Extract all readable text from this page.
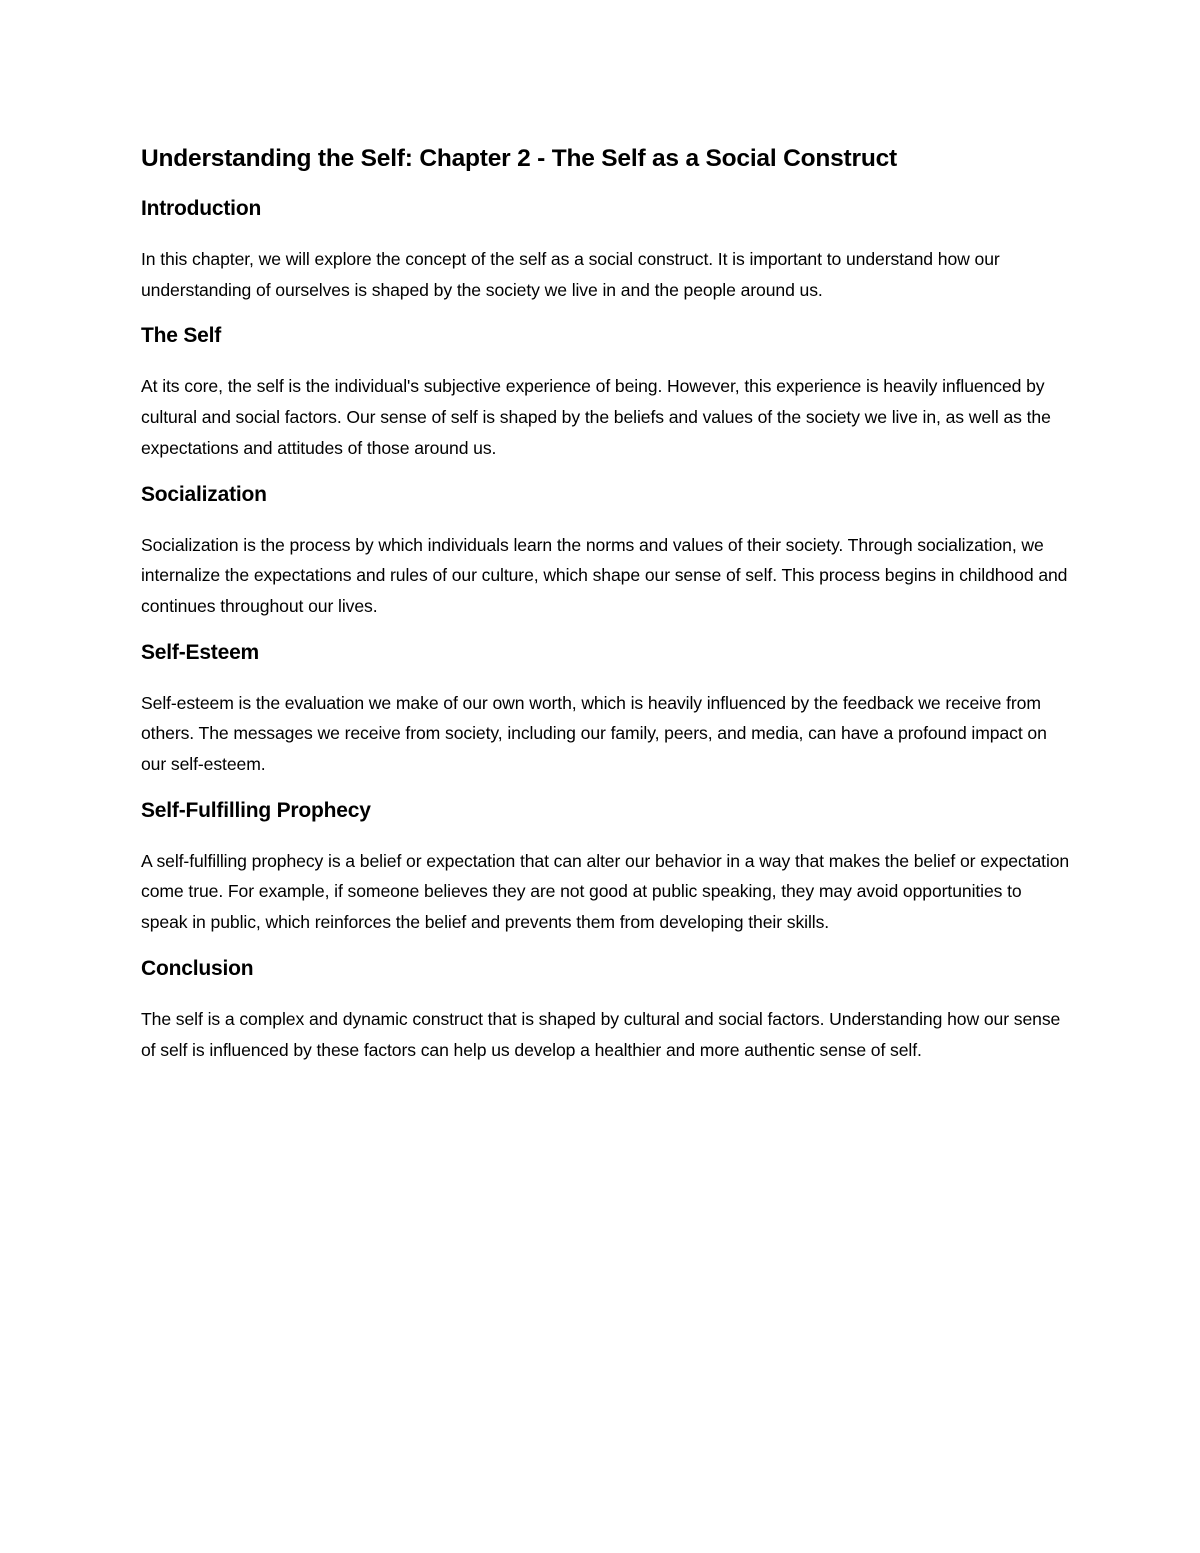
Understanding the Self: Chapter 2 - The Self as a Social Construct
Introduction

In this chapter, we will explore the concept of the self as a social construct. It is important to understand how our understanding of ourselves is shaped by the society we live in and the people around us.

The Self

At its core, the self is the individual's subjective experience of being. However, this experience is heavily influenced by cultural and social factors. Our sense of self is shaped by the beliefs and values of the society we live in, as well as the expectations and attitudes of those around us.

Socialization

Socialization is the process by which individuals learn the norms and values of their society. Through socialization, we internalize the expectations and rules of our culture, which shape our sense of self. This process begins in childhood and continues throughout our lives.

Self-Esteem

Self-esteem is the evaluation we make of our own worth, which is heavily influenced by the feedback we receive from others. The messages we receive from society, including our family, peers, and media, can have a profound impact on our self-esteem.

Self-Fulfilling Prophecy

A self-fulfilling prophecy is a belief or expectation that can alter our behavior in a way that makes the belief or expectation come true. For example, if someone believes they are not good at public speaking, they may avoid opportunities to speak in public, which reinforces the belief and prevents them from developing their skills.

Conclusion

The self is a complex and dynamic construct that is shaped by cultural and social factors. Understanding how our sense of self is influenced by these factors can help us develop a healthier and more authentic sense of self.
